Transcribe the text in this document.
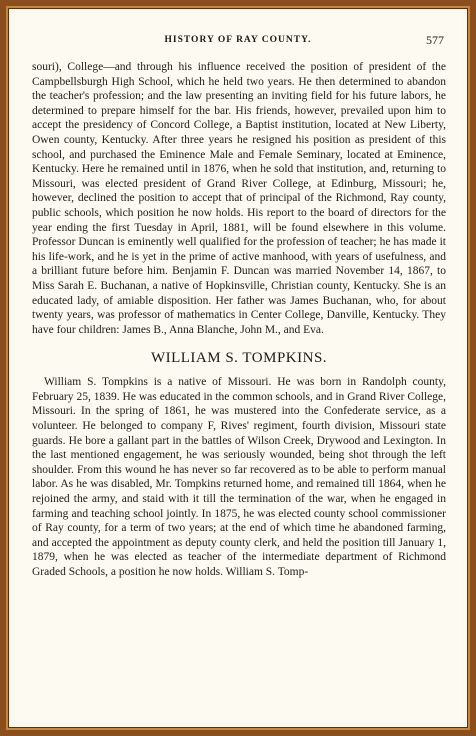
HISTORY OF RAY COUNTY.	577

souri), College—and through his influence received the position of president of the Campbellsburgh High School, which he held two years. He then determined to abandon the teacher's profession; and the law presenting an inviting field for his future labors, he determined to prepare himself for the bar. His friends, however, prevailed upon him to accept the presidency of Concord College, a Baptist institution, located at New Liberty, Owen county, Kentucky. After three years he resigned his position as president of this school, and purchased the Eminence Male and Female Seminary, located at Eminence, Kentucky. Here he remained until in 1876, when he sold that institution, and, returning to Missouri, was elected president of Grand River College, at Edinburg, Missouri; he, however, declined the position to accept that of principal of the Richmond, Ray county, public schools, which position he now holds. His report to the board of directors for the year ending the first Tuesday in April, 1881, will be found elsewhere in this volume. Professor Duncan is eminently well qualified for the profession of teacher; he has made it his life-work, and he is yet in the prime of active manhood, with years of usefulness, and a brilliant future before him. Benjamin F. Duncan was married November 14, 1867, to Miss Sarah E. Buchanan, a native of Hopkinsville, Christian county, Kentucky. She is an educated lady, of amiable disposition. Her father was James Buchanan, who, for about twenty years, was professor of mathematics in Center College, Danville, Kentucky. They have four children: James B., Anna Blanche, John M., and Eva.

WILLIAM S. TOMPKINS.

William S. Tompkins is a native of Missouri. He was born in Randolph county, February 25, 1839. He was educated in the common schools, and in Grand River College, Missouri. In the spring of 1861, he was mustered into the Confederate service, as a volunteer. He belonged to company F, Rives' regiment, fourth division, Missouri state guards. He bore a gallant part in the battles of Wilson Creek, Drywood and Lexington. In the last mentioned engagement, he was seriously wounded, being shot through the left shoulder. From this wound he has never so far recovered as to be able to perform manual labor. As he was disabled, Mr. Tompkins returned home, and remained till 1864, when he rejoined the army, and staid with it till the termination of the war, when he engaged in farming and teaching school jointly. In 1875, he was elected county school commissioner of Ray county, for a term of two years; at the end of which time he abandoned farming, and accepted the appointment as deputy county clerk, and held the position till January 1, 1879, when he was elected as teacher of the intermediate department of Richmond Graded Schools, a position he now holds. William S. Tomp-
